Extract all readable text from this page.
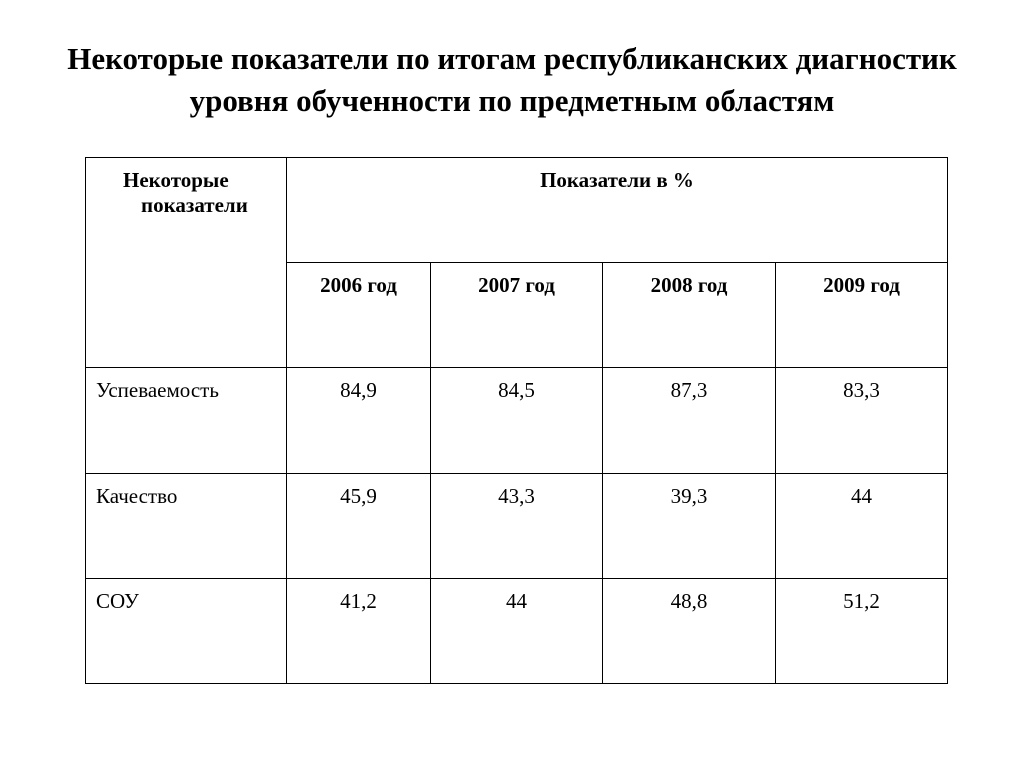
Некоторые показатели по итогам республиканских диагностик
уровня обученности по предметным областям
Некоторые
показатели	Показатели в %			
	2006 год	2007 год	2008 год	2009 год
Успеваемость	84,9	84,5	87,3	83,3
Качество	45,9	43,3	39,3	44
СОУ	41,2	44	48,8	51,2
